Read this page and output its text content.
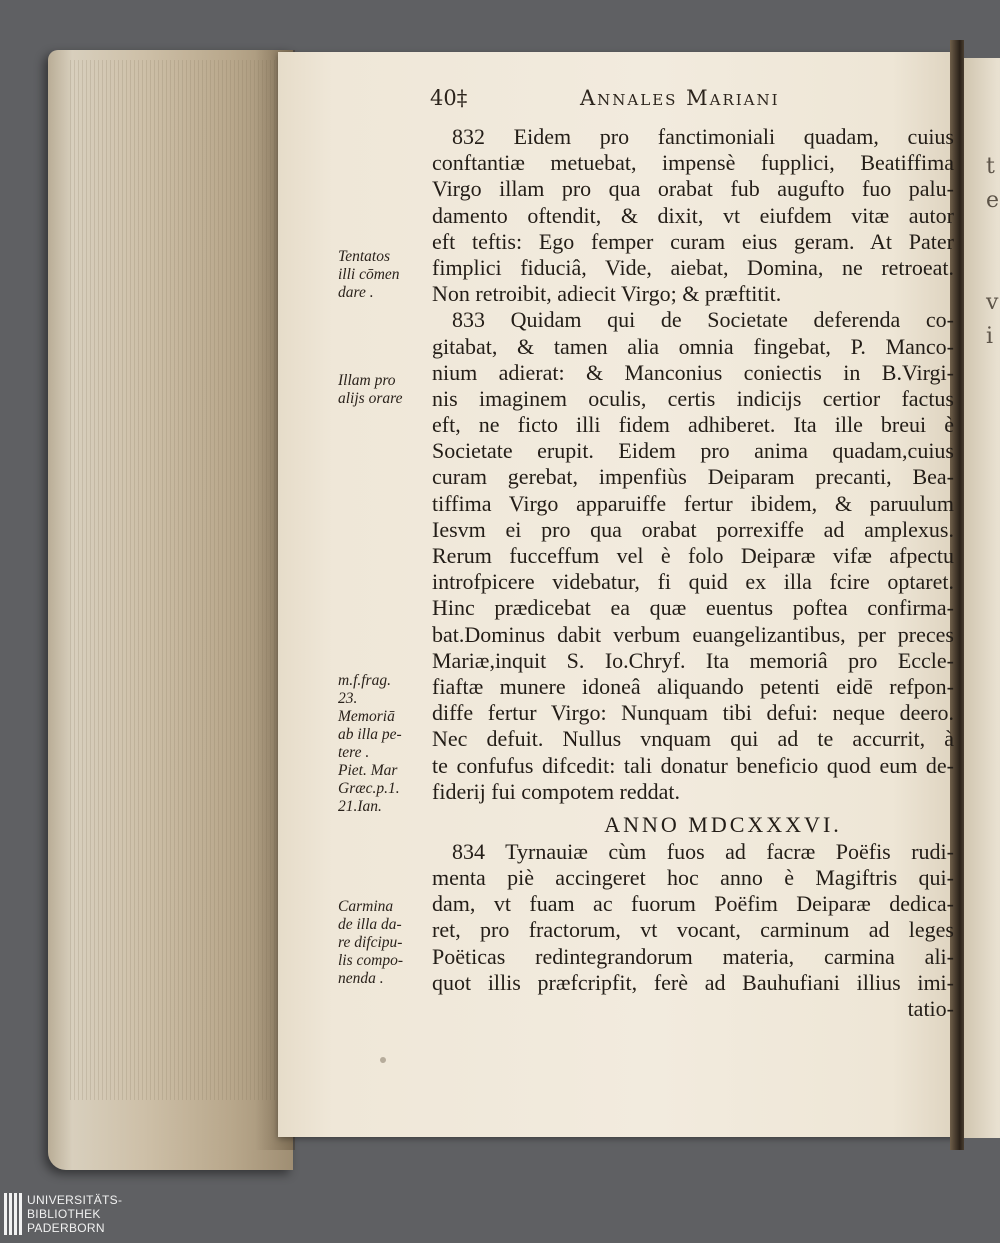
t
e

v
i
40‡	Annales Mariani
832 Eidem pro fanctimoniali quadam, cuius
conftantiæ metuebat, impensè fupplici, Beatiffima
Virgo illam pro qua orabat fub augufto fuo palu-
damento oftendit, & dixit, vt eiufdem vitæ autor
eft teftis: Ego femper curam eius geram. At Pater
fimplici fiduciâ, Vide, aiebat, Domina, ne retroeat.
Non retroibit, adiecit Virgo; & præftitit.
833 Quidam qui de Societate deferenda co-
gitabat, & tamen alia omnia fingebat, P. Manco-
nium adierat: & Manconius coniectis in B.Virgi-
nis imaginem oculis, certis indicijs certior factus
eft, ne ficto illi fidem adhiberet. Ita ille breui è
Societate erupit. Eidem pro anima quadam,cuius
curam gerebat, impenfiùs Deiparam precanti, Bea-
tiffima Virgo apparuiffe fertur ibidem, & paruulum
Iesvm ei pro qua orabat porrexiffe ad amplexus.
Rerum fucceffum vel è folo Deiparæ vifæ afpectu
introfpicere videbatur, fi quid ex illa fcire optaret.
Hinc prædicebat ea quæ euentus poftea confirma-
bat.Dominus dabit verbum euangelizantibus, per preces
Mariæ,inquit S. Io.Chryf. Ita memoriâ pro Eccle-
fiaftæ munere idoneâ aliquando petenti eidē refpon-
diffe fertur Virgo: Nunquam tibi defui: neque deero.
Nec defuit. Nullus vnquam qui ad te accurrit, à
te confufus difcedit: tali donatur beneficio quod eum de-
fiderij fui compotem reddat.
ANNO MDCXXXVI.
834 Tyrnauiæ cùm fuos ad facræ Poëfis rudi-
menta piè accingeret hoc anno è Magiftris qui-
dam, vt fuam ac fuorum Poëfim Deiparæ dedica-
ret, pro fractorum, vt vocant, carminum ad leges
Poëticas redintegrandorum materia, carmina ali-
quot illis præfcripfit, ferè ad Bauhufiani illius imi-
tatio-
Tentatos
illi cōmen
dare .
Illam pro
alijs orare
m.f.frag.
23.
Memoriā
ab illa pe-
tere .
Piet. Mar
Græc.p.1.
21.Ian.
Carmina
de illa da-
re difcipu-
lis compo-
nenda .
UNIVERSITÄTS-
BIBLIOTHEK
PADERBORN
